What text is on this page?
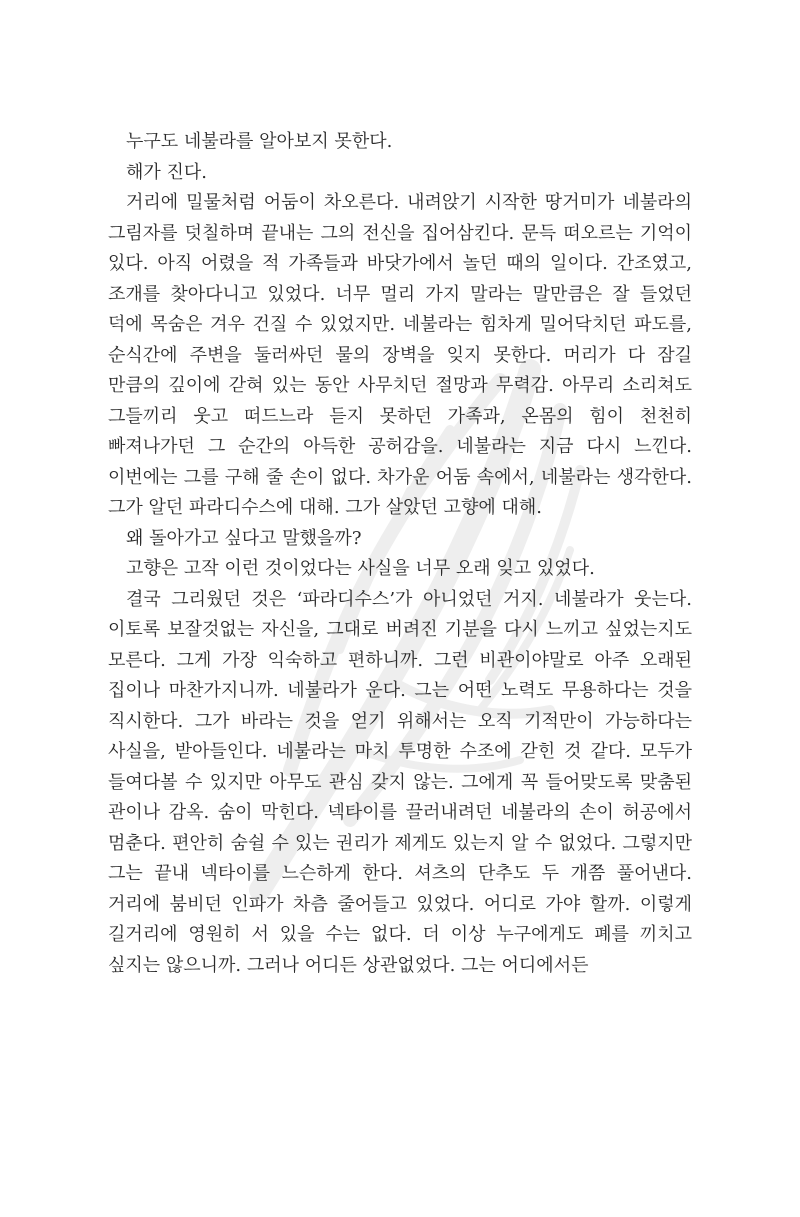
누구도 네불라를 알아보지 못한다.

해가 진다.

거리에 밀물처럼 어둠이 차오른다. 내려앉기 시작한 땅거미가 네불라의 그림자를 덧칠하며 끝내는 그의 전신을 집어삼킨다. 문득 떠오르는 기억이 있다. 아직 어렸을 적 가족들과 바닷가에서 놀던 때의 일이다. 간조였고, 조개를 찾아다니고 있었다. 너무 멀리 가지 말라는 말만큼은 잘 들었던 덕에 목숨은 겨우 건질 수 있었지만. 네불라는 힘차게 밀어닥치던 파도를, 순식간에 주변을 둘러싸던 물의 장벽을 잊지 못한다. 머리가 다 잠길 만큼의 깊이에 갇혀 있는 동안 사무치던 절망과 무력감. 아무리 소리쳐도 그들끼리 웃고 떠드느라 듣지 못하던 가족과, 온몸의 힘이 천천히 빠져나가던 그 순간의 아득한 공허감을. 네불라는 지금 다시 느낀다. 이번에는 그를 구해 줄 손이 없다. 차가운 어둠 속에서, 네불라는 생각한다. 그가 알던 파라디수스에 대해. 그가 살았던 고향에 대해.

왜 돌아가고 싶다고 말했을까?

고향은 고작 이런 것이었다는 사실을 너무 오래 잊고 있었다.

결국 그리웠던 것은 ‘파라디수스’가 아니었던 거지. 네불라가 웃는다. 이토록 보잘것없는 자신을, 그대로 버려진 기분을 다시 느끼고 싶었는지도 모른다. 그게 가장 익숙하고 편하니까. 그런 비관이야말로 아주 오래된 집이나 마찬가지니까. 네불라가 운다. 그는 어떤 노력도 무용하다는 것을 직시한다. 그가 바라는 것을 얻기 위해서는 오직 기적만이 가능하다는 사실을, 받아들인다. 네불라는 마치 투명한 수조에 갇힌 것 같다. 모두가 들여다볼 수 있지만 아무도 관심 갖지 않는. 그에게 꼭 들어맞도록 맞춤된 관이나 감옥. 숨이 막힌다. 넥타이를 끌러내려던 네불라의 손이 허공에서 멈춘다. 편안히 숨쉴 수 있는 권리가 제게도 있는지 알 수 없었다. 그렇지만 그는 끝내 넥타이를 느슨하게 한다. 셔츠의 단추도 두 개쯤 풀어낸다. 거리에 붐비던 인파가 차츰 줄어들고 있었다. 어디로 가야 할까. 이렇게 길거리에 영원히 서 있을 수는 없다. 더 이상 누구에게도 폐를 끼치고 싶지는 않으니까. 그러나 어디든 상관없었다. 그는 어디에서든
